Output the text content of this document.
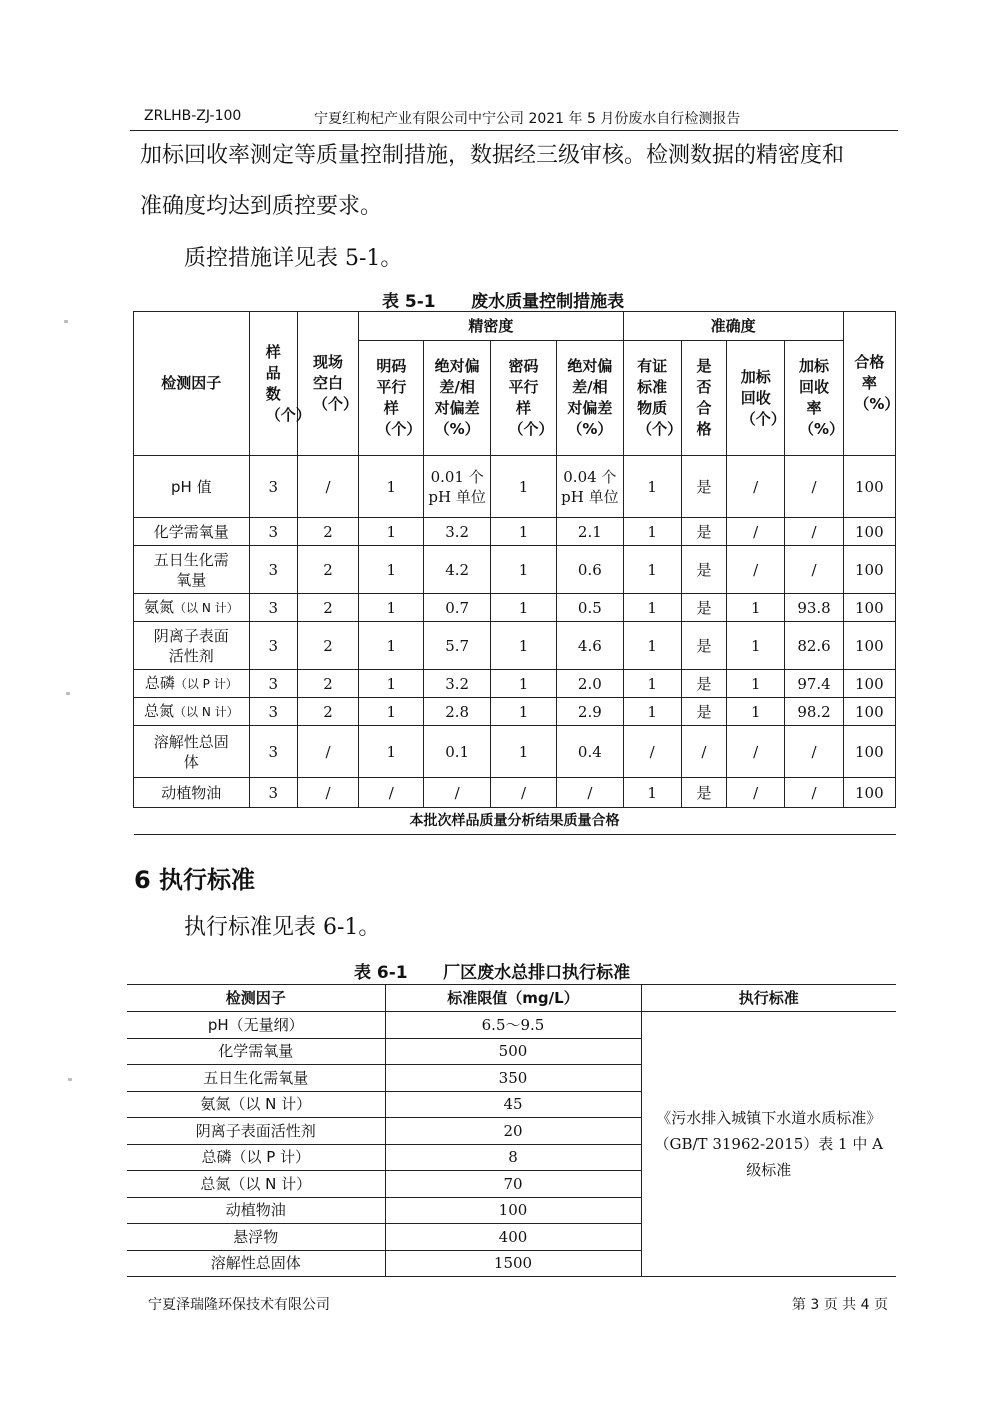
ZRLHB-ZJ-100	宁夏红枸杞产业有限公司中宁公司 2021 年 5 月份废水自行检测报告
加标回收率测定等质量控制措施，数据经三级审核。检测数据的精密度和
准确度均达到质控要求。
质控措施详见表 5-1。
表 5-1      废水质量控制措施表
检测因子	样品数（个）	现场空白（个）	精密度				准确度				合格率（%）

			明码平行样（个）	绝对偏差/相对偏差（%）	密码平行样（个）	绝对偏差/相对偏差（%）	有证标准物质（个）	是否合格	加标回收（个）	加标回收率（%）	

pH 值	3	/	1	0.01 个 pH 单位	1	0.04 个 pH 单位	1	是	/	/	100
化学需氧量	3	2	1	3.2	1	2.1	1	是	/	/	100
五日生化需氧量	3	2	1	4.2	1	0.6	1	是	/	/	100
氨氮（以 N 计）	3	2	1	0.7	1	0.5	1	是	1	93.8	100
阴离子表面活性剂	3	2	1	5.7	1	4.6	1	是	1	82.6	100
总磷（以 P 计）	3	2	1	3.2	1	2.0	1	是	1	97.4	100
总氮（以 N 计）	3	2	1	2.8	1	2.9	1	是	1	98.2	100
溶解性总固体	3	/	1	0.1	1	0.4	/	/	/	/	100
动植物油	3	/	/	/	/	/	1	是	/	/	100
本批次样品质量分析结果质量合格											
6 执行标准
执行标准见表 6-1。
表 6-1      厂区废水总排口执行标准
检测因子	标准限值（mg/L）	执行标准
pH（无量纲）	6.5～9.5	《污水排入城镇下水道水质标准》（GB/T 31962-2015）表 1 中 A 级标准
化学需氧量	500	
五日生化需氧量	350	
氨氮（以 N 计）	45	
阴离子表面活性剂	20	
总磷（以 P 计）	8	
总氮（以 N 计）	70	
动植物油	100	
悬浮物	400	
溶解性总固体	1500	
宁夏泽瑞隆环保技术有限公司	第 3 页 共 4 页
